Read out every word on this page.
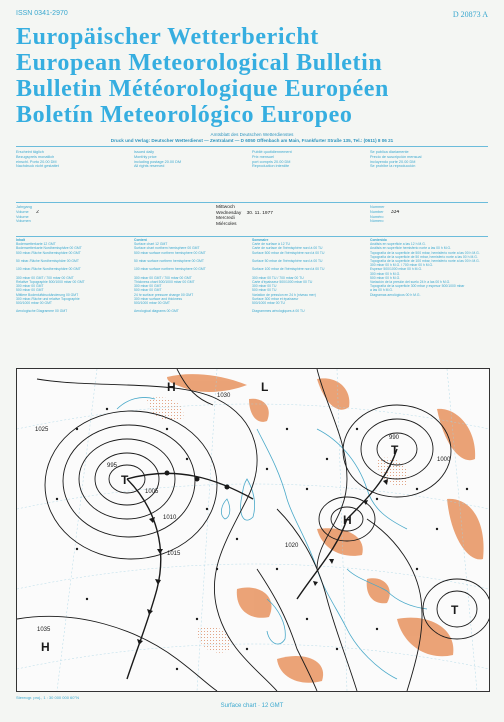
ISSN 0341-2970	D 20873 A
Europäischer Wetterbericht
European Meteorological Bulletin
Bulletin Météorologique Européen
Boletín Meteorológico Europeo
Amtsblatt des Deutschen Wetterdienstes
Druck und Verlag: Deutscher Wetterdienst — Zentralamt — D 6050 Offenbach am Main, Frankfurter Straße 135, Tel.: (0611) 8 06 21
Erscheint täglich
Bezugspreis monatlich
einschl. Porto 20.00 DM
Nachdruck nicht gestattet
Issued daily
Monthly price
including postage 20.00 DM
All rights reserved
Publié quotidiennement
Prix mensuel
port compris 20.00 DM
Reproduction interdite
Se publica diariamente
Precio de suscripción mensual
incluyendo porte 20.00 DM
Se prohibe la reproducción
Jahrgang
Volume 2
Volume
Volumen
Mittwoch
Wednesday 30. 11. 1977
Mercredi
Miércoles
Nummer
Number 334
Numéro
Número
Inhalt
Bodenwetterkarte 12 GMT
Bodenwetterkarte Nordhemisphäre 00 GMT
500 mbar-Fläche Nordhemisphäre 00 GMT

50 mbar-Fläche Nordhemisphäre 00 GMT

100 mbar-Fläche Nordhemisphäre 00 GMT

300 mbar 00 GMT / 700 mbar 00 GMT
Relative Topographie 500/1000 mbar 00 GMT
300 mbar 00 GMT
500 mbar 00 GMT
Mittlere Bodenluftdruckänderung 00 GMT
300 mbar-Fläche und relative Topographie
500/1000 mbar 00 GMT

Aerologische Diagramme 00 GMT
Content
Surface chart 12 GMT
Surface chart northern hemisphere 00 GMT
500 mbar surface northern hemisphere 00 GMT

50 mbar surface northern hemisphere 00 GMT

100 mbar surface northern hemisphere 00 GMT

300 mbar 00 GMT / 700 mbar 00 GMT
Thickness chart 500/1000 mbar 00 GMT
300 mbar 00 GMT
500 mbar 00 GMT
24 hr surface pressure change 00 GMT
300 mbar surface and thickness
500/1000 mbar 00 GMT

Aerological diagrams 00 GMT
Sommaire
Carte de surface à 12 TU
Carte de surface de l'hémisphère nord à 00 TU
Surface 500 mbar de l'hémisphère nord à 00 TU

Surface 50 mbar de l'hémisphère nord à 00 TU

Surface 100 mbar de l'hémisphère nord à 00 TU

300 mbar 00 TU / 700 mbar 00 TU
Carte d'épaisseur 500/1000 mbar 00 TU
300 mbar 00 TU
500 mbar 00 TU
Variation de pression en 24 h (niveau mer)
Surface 300 mbar et épaisseur
500/1000 mbar 00 TU

Diagrammes aérologiques à 00 TU
Contenido
Análisis en superficie a las 12 h M.G.
Análisis en superficie hemisferio norte a las 00 h M.G.
Topografía de la superficie de 500 mbar, hemisferio norte a las 00 h M.G.
Topografía de la superficie de 50 mbar, hemisferio norte a las 00 h M.G.
Topografía de la superficie de 100 mbar, hemisferio norte a las 00 h M.G.
300 mbar 00 h M.G. / 700 mbar 00 h M.G.
Espesor 500/1000 mbar 00 h M.G.
300 mbar 00 h M.G.
500 mbar 00 h M.G.
Variación de la presión del suelo 24 h a las 00 h M.G.
Topografía de la superficie 300 mbar y espesor 500/1000 mbar
a las 00 h M.G.
Diagramas aerológicos 00 h M.G.
1025
1030
1020
1015
1010
1005
1000
995
990
1035
H
T
T
H
L
T
H
Stereogr. proj., 1 : 30 000 000 60°N
Surface chart · 12 GMT
